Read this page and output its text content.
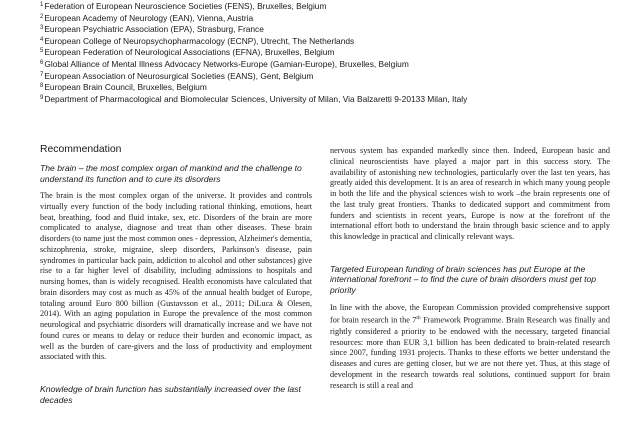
$^1$Federation of European Neuroscience Societies (FENS), Bruxelles, Belgium
$^2$European Academy of Neurology (EAN), Vienna, Austria
$^3$European Psychiatric Association (EPA), Strasburg, France
$^4$European College of Neuropsychopharmacology (ECNP), Utrecht, The Netherlands
$^5$European Federation of Neurological Associations (EFNA), Bruxelles, Belgium
$^6$Global Alliance of Mental Illness Advocacy Networks-Europe (Gamian-Europe), Bruxelles, Belgium
$^7$European Association of Neurosurgical Societies (EANS), Gent, Belgium
$^8$European Brain Council, Bruxelles, Belgium
$^9$Department of Pharmacological and Biomolecular Sciences, University of Milan, Via Balzaretti 9-20133 Milan, Italy
Recommendation

The brain – the most complex organ of mankind and the challenge to understand its function and to cure its disorders

The brain is the most complex organ of the universe. It provides and controls virtually every function of the body including rational thinking, emotions, heart beat, breathing, food and fluid intake, sex, etc. Disorders of the brain are more complicated to analyse, diagnose and treat than other diseases. These brain disorders (to name just the most common ones - depression, Alzheimer's dementia, schizophrenia, stroke, migraine, sleep disorders, Parkinson's disease, pain syndromes in particular back pain, addiction to alcohol and other substances) give rise to a far higher level of disability, including admissions to hospitals and nursing homes, than is widely recognised. Health economists have calculated that brain disorders may cost as much as 45% of the annual health budget of Europe, totaling around Euro 800 billion (Gustavsson et al., 2011; DiLuca & Olesen, 2014). With an aging population in Europe the prevalence of the most common neurological and psychiatric disorders will dramatically increase and we have not found cures or means to delay or reduce their burden and economic impact, as well as the burden of care-givers and the loss of productivity and employment associated with this.

Knowledge of brain function has substantially increased over the last decades

nervous system has expanded markedly since then. Indeed, European basic and clinical neuroscientists have played a major part in this success story. The availability of astonishing new technologies, particularly over the last ten years, has greatly aided this development. It is an area of research in which many young people in both the life and the physical sciences wish to work –the brain represents one of the last truly great frontiers. Thanks to dedicated support and commitment from funders and scientists in recent years, Europe is now at the forefront of the international effort both to understand the brain through basic science and to apply this knowledge in practical and clinically relevant ways.

Targeted European funding of brain sciences has put Europe at the international forefront – to find the cure of brain disorders must get top priority

In line with the above, the European Commission provided comprehensive support for brain research in the 7th Framework Programme. Brain Research was finally and rightly considered a priority to be endowed with the necessary, targeted financial resources: more than EUR 3,1 billion has been dedicated to brain-related research since 2007, funding 1931 projects. Thanks to these efforts we better understand the diseases and cures are getting closer, but we are not there yet. Thus, at this stage of development in the research towards real solutions, continued support for brain research is still a real and
